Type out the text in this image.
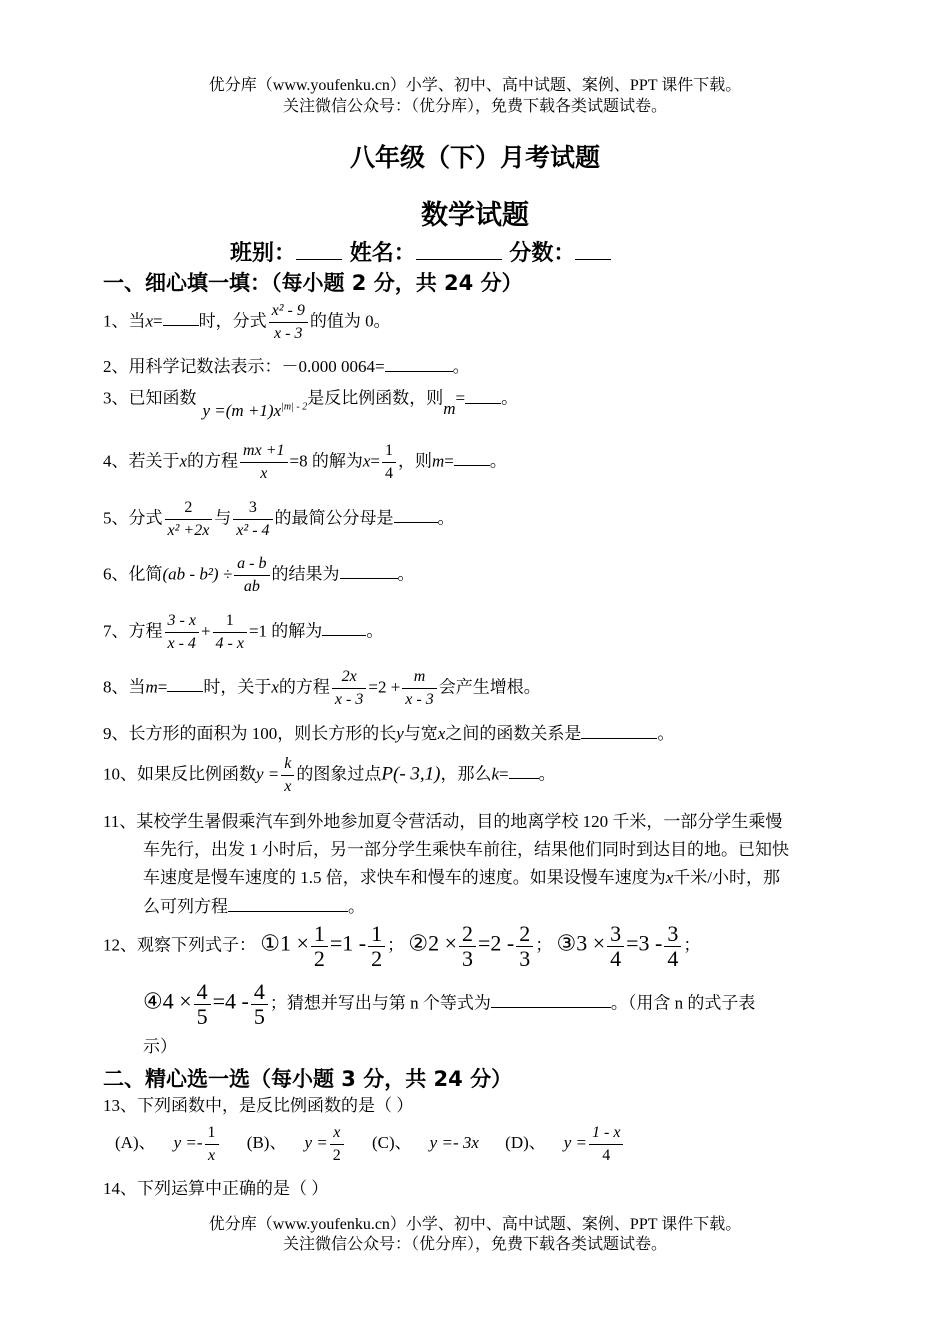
优分库（www.youfenku.cn）小学、初中、高中试题、案例、PPT 课件下载。
关注微信公众号：（优分库），免费下载各类试题试卷。
八年级（下）月考试题
数学试题
班别： 姓名：	分数：
一、细心填一填：（每小题 2 分，共 24 分）
1、当x= 时，分式 $\frac{\text{x² - 9}}{x - 3}$ 的值为 0。
2、用科学记数法表示：－0.000 0064=	。
3、已知函数$y =(m +1)x^{|m| - 2}$是反比例函数，则m= 。
4、若关于x的方程 $\frac{mx +1}{x} =8$ 的解为$x= \frac{1}{4}$ ，则m= 。
5、分式 $\frac{2}{\text{x² +2x}}$ 与 $\frac{3}{\text{x² - 4}}$ 的最简公分母是	。
6、化简$(ab - b^2) \div \frac{a - b}{ab}$ 的结果为	。
7、方程 $\frac{3 - x}{x - 4} + \frac{1}{4 - x} =1$ 的解为	。
8、当m= 时，关于x的方程 $\frac{2x}{x - 3} =2 + \frac{m}{x - 3}$ 会产生增根。
9、长方形的面积为 100，则长方形的长y与宽x之间的函数关系是	。
10、如果反比例函数$y = \frac{k}{x}$ 的图象过点P(- 3,1)，那么k= 。
11、某校学生暑假乘汽车到外地参加夏令营活动，目的地离学校 120 千米，一部分学生乘慢
车先行，出发 1 小时后，另一部分学生乘快车前往，结果他们同时到达目的地。已知快
车速度是慢车速度的 1.5 倍，求快车和慢车的速度。如果设慢车速度为x千米/小时，那
么可列方程	。
12、观察下列式子： ①1 × $\frac{1}{2} =1 - \frac{1}{2}$ ； ②2 × $\frac{2}{3} =2 - \frac{2}{3}$ ； ③3 × $\frac{3}{4} =3 - \frac{3}{4}$ ；
④4 × $\frac{4}{5} =4 - \frac{4}{5}$ ；猜想并写出与第 n 个等式为	。（用含 n 的式子表
示）
二、精心选一选（每小题 3 分，共 24 分）
13、下列函数中，是反比例函数的是（ ）
(A)、 $y =- \frac{1}{x} (B)$、 $y = \frac{x}{2} (C)$、 y =- 3x (D)、 $y = \frac{1 - x}{4}$
14、下列运算中正确的是（ ）
优分库（www.youfenku.cn）小学、初中、高中试题、案例、PPT 课件下载。
关注微信公众号：（优分库），免费下载各类试题试卷。
